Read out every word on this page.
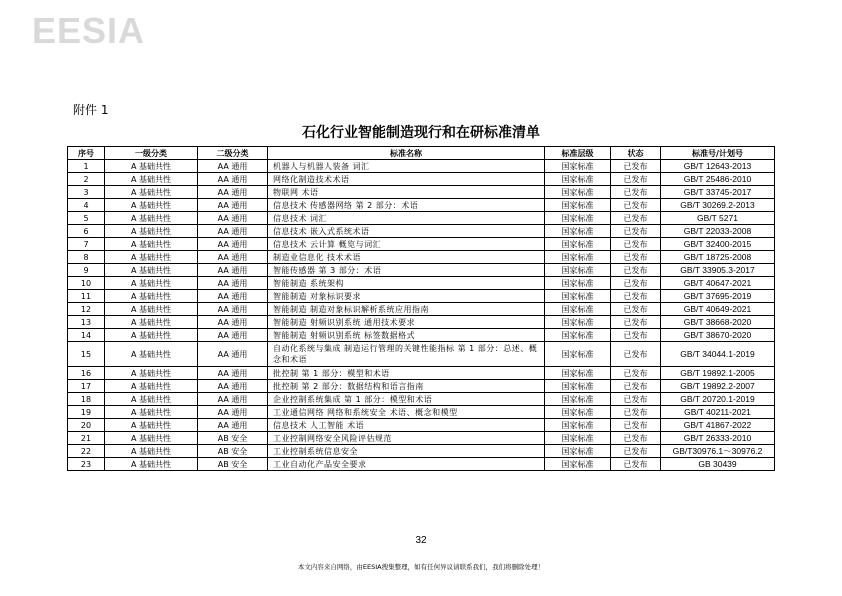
EESIA
附件 1
石化行业智能制造现行和在研标准清单
序号	一级分类	二级分类	标准名称	标准层级	状态	标准号/计划号
1	A 基础共性	AA 通用	机器人与机器人装备 词汇	国家标准	已发布	GB/T 12643-2013
2	A 基础共性	AA 通用	网络化制造技术术语	国家标准	已发布	GB/T 25486-2010
3	A 基础共性	AA 通用	物联网 术语	国家标准	已发布	GB/T 33745-2017
4	A 基础共性	AA 通用	信息技术 传感器网络 第 2 部分：术语	国家标准	已发布	GB/T 30269.2-2013
5	A 基础共性	AA 通用	信息技术 词汇	国家标准	已发布	GB/T 5271
6	A 基础共性	AA 通用	信息技术 嵌入式系统术语	国家标准	已发布	GB/T 22033-2008
7	A 基础共性	AA 通用	信息技术 云计算 概览与词汇	国家标准	已发布	GB/T 32400-2015
8	A 基础共性	AA 通用	制造业信息化 技术术语	国家标准	已发布	GB/T 18725-2008
9	A 基础共性	AA 通用	智能传感器 第 3 部分：术语	国家标准	已发布	GB/T 33905.3-2017
10	A 基础共性	AA 通用	智能制造 系统架构	国家标准	已发布	GB/T 40647-2021
11	A 基础共性	AA 通用	智能制造 对象标识要求	国家标准	已发布	GB/T 37695-2019
12	A 基础共性	AA 通用	智能制造 制造对象标识解析系统应用指南	国家标准	已发布	GB/T 40649-2021
13	A 基础共性	AA 通用	智能制造 射频识别系统 通用技术要求	国家标准	已发布	GB/T 38668-2020
14	A 基础共性	AA 通用	智能制造 射频识别系统 标签数据格式	国家标准	已发布	GB/T 38670-2020
15	A 基础共性	AA 通用	自动化系统与集成 制造运行管理的关键性能指标 第 1 部分：总述、概念和术语	国家标准	已发布	GB/T 34044.1-2019
16	A 基础共性	AA 通用	批控制 第 1 部分：模型和术语	国家标准	已发布	GB/T 19892.1-2005
17	A 基础共性	AA 通用	批控制 第 2 部分：数据结构和语言指南	国家标准	已发布	GB/T 19892.2-2007
18	A 基础共性	AA 通用	企业控制系统集成 第 1 部分：模型和术语	国家标准	已发布	GB/T 20720.1-2019
19	A 基础共性	AA 通用	工业通信网络 网络和系统安全 术语、概念和模型	国家标准	已发布	GB/T 40211-2021
20	A 基础共性	AA 通用	信息技术 人工智能 术语	国家标准	已发布	GB/T 41867-2022
21	A 基础共性	AB 安全	工业控制网络安全风险评估规范	国家标准	已发布	GB/T 26333-2010
22	A 基础共性	AB 安全	工业控制系统信息安全	国家标准	已发布	GB/T30976.1～30976.2
23	A 基础共性	AB 安全	工业自动化产品安全要求	国家标准	已发布	GB 30439
32
本文内容来自网络，由EESIA搜集整理，如有任何异议请联系我们，我们将删除处理！
